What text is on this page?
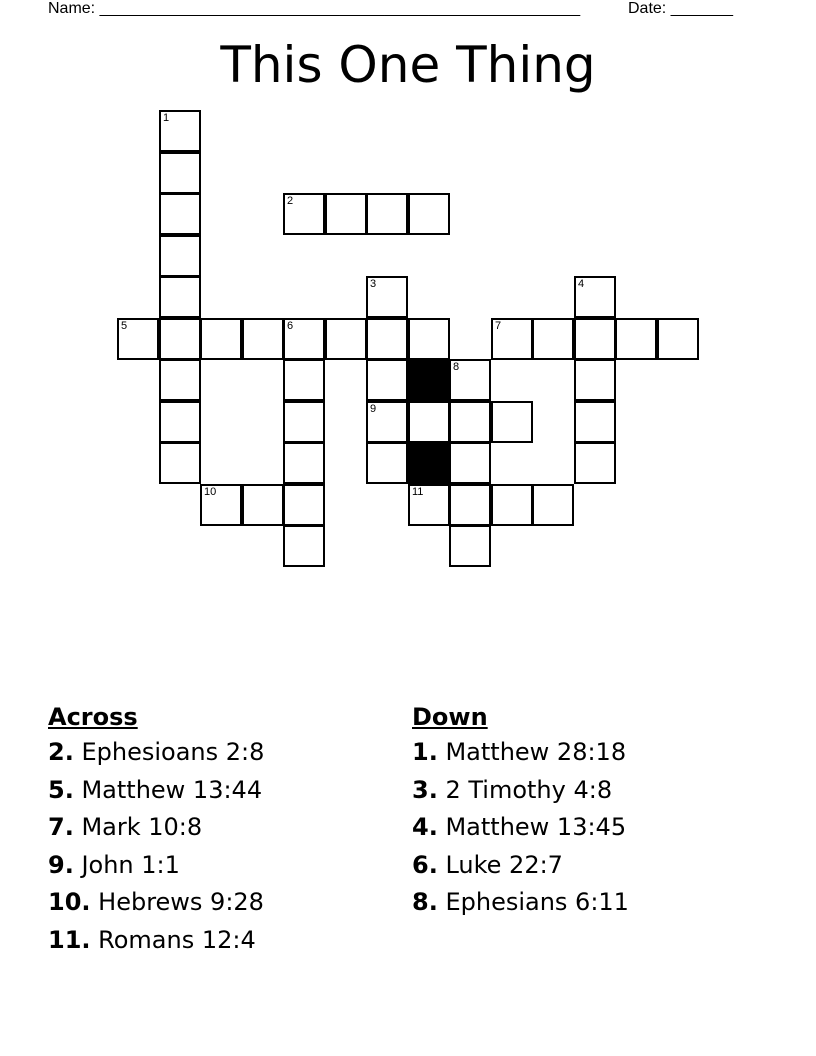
Name: ______________________________________________________	Date: _______
This One Thing
1
2
3	4
5	6	7
8
9
10	11
Across
2. Ephesioans 2:8
5. Matthew 13:44
7. Mark 10:8
9. John 1:1
10. Hebrews 9:28
11. Romans 12:4
Down
1. Matthew 28:18
3. 2 Timothy 4:8
4. Matthew 13:45
6. Luke 22:7
8. Ephesians 6:11
